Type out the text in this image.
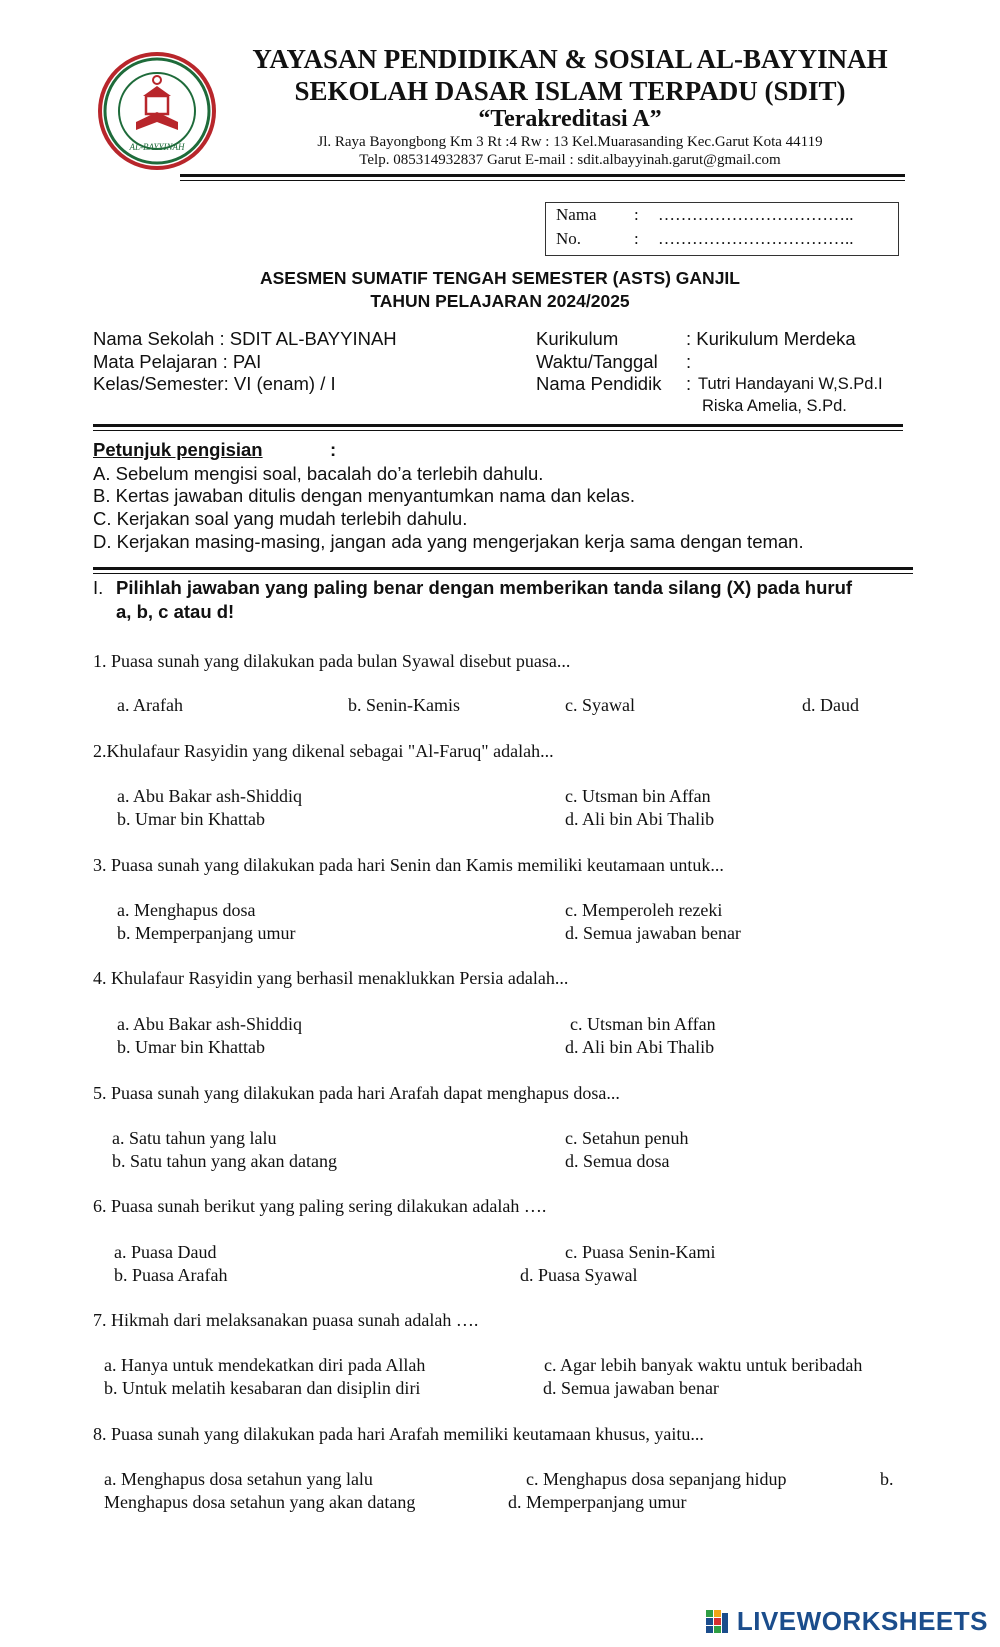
AL-BAYYINAH
YAYASAN PENDIDIKAN & SOSIAL AL-BAYYINAH
SEKOLAH DASAR ISLAM TERPADU (SDIT)
“Terakreditasi A”
Jl. Raya Bayongbong Km 3 Rt :4 Rw : 13 Kel.Muarasanding Kec.Garut Kota 44119
Telp. 085314932837 Garut E-mail : sdit.albayyinah.garut@gmail.com
Nama : ……………………………..
No.	: ……………………………..
ASESMEN SUMATIF TENGAH SEMESTER (ASTS) GANJIL
TAHUN PELAJARAN 2024/2025
Nama Sekolah : SDIT AL-BAYYINAH
Mata Pelajaran : PAI
Kelas/Semester: VI (enam) / I
Kurikulum	: Kurikulum Merdeka
Waktu/Tanggal :
Nama Pendidik : Tutri Handayani W,S.Pd.I
Riska Amelia, S.Pd.
Petunjuk pengisian	:
A. Sebelum mengisi soal, bacalah do’a terlebih dahulu.
B. Kertas jawaban ditulis dengan menyantumkan nama dan kelas.
C. Kerjakan soal yang mudah terlebih dahulu.
D. Kerjakan masing-masing, jangan ada yang mengerjakan kerja sama dengan teman.
I. Pilihlah jawaban yang paling benar dengan memberikan tanda silang (X) pada huruf
a, b, c atau d!
1. Puasa sunah yang dilakukan pada bulan Syawal disebut puasa...
a. Arafah	b. Senin-Kamis	c. Syawal	d. Daud
2.Khulafaur Rasyidin yang dikenal sebagai "Al-Faruq" adalah...
a. Abu Bakar ash-Shiddiq
b. Umar bin Khattab
c. Utsman bin Affan
d. Ali bin Abi Thalib
3. Puasa sunah yang dilakukan pada hari Senin dan Kamis memiliki keutamaan untuk...
a. Menghapus dosa
b. Memperpanjang umur
c. Memperoleh rezeki
d. Semua jawaban benar
4. Khulafaur Rasyidin yang berhasil menaklukkan Persia adalah...
a. Abu Bakar ash-Shiddiq
b. Umar bin Khattab
c. Utsman bin Affan
d. Ali bin Abi Thalib
5. Puasa sunah yang dilakukan pada hari Arafah dapat menghapus dosa...
a. Satu tahun yang lalu
b. Satu tahun yang akan datang
c. Setahun penuh
d. Semua dosa
6. Puasa sunah berikut yang paling sering dilakukan adalah ….
a. Puasa Daud
b. Puasa Arafah
c. Puasa Senin-Kami
d. Puasa Syawal
7. Hikmah dari melaksanakan puasa sunah adalah ….
a. Hanya untuk mendekatkan diri pada Allah
b. Untuk melatih kesabaran dan disiplin diri
c. Agar lebih banyak waktu untuk beribadah
d. Semua jawaban benar
8. Puasa sunah yang dilakukan pada hari Arafah memiliki keutamaan khusus, yaitu...
a. Menghapus dosa setahun yang lalu	c. Menghapus dosa sepanjang hidup	b.
Menghapus dosa setahun yang akan datang	d. Memperpanjang umur
LIVEWORKSHEETS
